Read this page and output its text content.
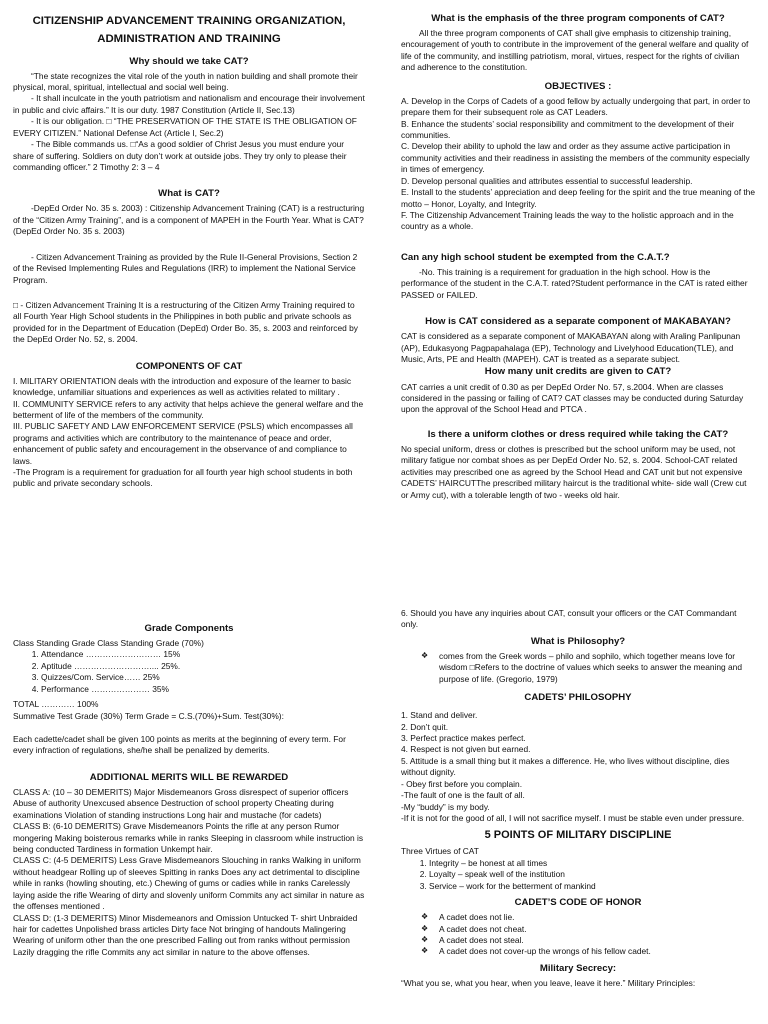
CITIZENSHIP ADVANCEMENT TRAINING ORGANIZATION,
ADMINISTRATION AND TRAINING
Why should we take CAT?

“The state recognizes the vital role of the youth in nation building and shall promote their physical, moral, spiritual, intellectual and social well being.

- It shall inculcate in the youth patriotism and nationalism and encourage their involvement in public and civic affairs.” It is our duty. 1987 Constitution (Article II, Sec.13)

- It is our obligation. □ “THE PRESERVATION OF THE STATE IS THE OBLIGATION OF EVERY CITIZEN.” National Defense Act (Article I, Sec.2)

- The Bible commands us. □“As a good soldier of Christ Jesus you must endure your share of suffering. Soldiers on duty don’t work at outside jobs. They try only to please their commanding officer.” 2 Timothy 2: 3 – 4

What is CAT?

-DepEd Order No. 35 s. 2003) : Citizenship Advancement Training (CAT) is a restructuring of the “Citizen Army Training”, and is a component of MAPEH in the Fourth Year. What is CAT? (DepEd Order No. 35 s. 2003)

- Citizen Advancement Training as provided by the Rule II-General Provisions, Section 2 of the Revised Implementing Rules and Regulations (IRR) to implement the National Service Program.

□ - Citizen Advancement Training It is a restructuring of the Citizen Army Training required to all Fourth Year High School students in the Philippines in both public and private schools as provided for in the Department of Education (DepEd) Order Bo. 35, s. 2003 and reinforced by the DepEd Order No. 52, s. 2004.

COMPONENTS OF CAT

I. MILITARY ORIENTATION deals with the introduction and exposure of the learner to basic knowledge, unfamiliar situations and experiences as well as activities related to military .

II. COMMUNITY SERVICE refers to any activity that helps achieve the general welfare and the betterment of life of the members of the community.

III. PUBLIC SAFETY AND LAW ENFORCEMENT SERVICE (PSLS) which encompasses all programs and activities which are contributory to the maintenance of peace and order, enhancement of public safety and encouragement in the observance of and compliance to laws.

-The Program is a requirement for graduation for all fourth year high school students in both public and private secondary schools.

What is the emphasis of the three program components of CAT?

All the three program components of CAT shall give emphasis to citizenship training, encouragement of youth to contribute in the improvement of the general welfare and quality of life of the community, and instilling patriotism, moral, virtues, respect for the rights of civilian and adherence to the constitution.

OBJECTIVES :

A. Develop in the Corps of Cadets of a good fellow by actually undergoing that part, in order to prepare them for their subsequent role as CAT Leaders.

B. Enhance the students’ social responsibility and commitment to the development of their communities.

C. Develop their ability to uphold the law and order as they assume active participation in community activities and their readiness in assisting the members of the community especially in times of emergency.

D. Develop personal qualities and attributes essential to successful leadership.

E. Install to the students’ appreciation and deep feeling for the spirit and the true meaning of the motto – Honor, Loyalty, and Integrity.

F. The Citizenship Advancement Training leads the way to the holistic approach and in the country as a whole.

Can any high school student be exempted from the C.A.T.?

-No. This training is a requirement for graduation in the high school. How is the performance of the student in the C.A.T. rated?Student performance in the CAT is rated either PASSED or FAILED.

How is CAT considered as a separate component of MAKABAYAN?

CAT is considered as a separate component of MAKABAYAN along with Araling Panlipunan (AP), Edukasyong Pagpapahalaga (EP), Technology and Livelyhood Education(TLE), and Music, Arts, PE and Health (MAPEH). CAT is treated as a separate subject.

How many unit credits are given to CAT?

CAT carries a unit credit of 0.30 as per DepEd Order No. 57, s.2004. When are classes considered in the passing or failing of CAT? CAT classes may be conducted during Saturday upon the approval of the School Head and PTCA .

Is there a uniform clothes or dress required while taking the CAT?

No special uniform, dress or clothes is prescribed but the school uniform may be used, not military fatigue nor combat shoes as per DepEd Order No. 52, s. 2004. School-CAT related activities may prescribed one as agreed by the School Head and CAT unit but not expensive

CADETS’ HAIRCUTThe prescribed military haircut is the traditional white- side wall (Crew cut or Army cut), with a tolerable length of two - weeks old hair.

Grade Components

Class Standing Grade Class Standing Grade (70%)

1. Attendance ……………………… 15%
2. Aptitude ……………………….... 25%.
3. Quizzes/Com. Service…… 25%
4. Performance ………………… 35%

TOTAL ………… 100%

Summative Test Grade (30%) Term Grade = C.S.(70%)+Sum. Test(30%):

Each cadette/cadet shall be given 100 points as merits at the beginning of every term. For every infraction of regulations, she/he shall be penalized by demerits.

ADDITIONAL MERITS WILL BE REWARDED

CLASS A: (10 – 30 DEMERITS) Major Misdemeanors Gross disrespect of superior officers Abuse of authority Unexcused absence Destruction of school property Cheating during examinations Violation of standing instructions Long hair and mustache (for cadets)

CLASS B: (6-10 DEMERITS) Grave Misdemeanors Points the rifle at any person Rumor mongering Making boisterous remarks while in ranks Sleeping in classroom while instruction is being conducted Tardiness in formation Unkempt hair.

CLASS C: (4-5 DEMERITS) Less Grave Misdemeanors Slouching in ranks Walking in uniform without headgear Rolling up of sleeves Spitting in ranks Does any act detrimental to discipline while in ranks (howling shouting, etc.) Chewing of gums or cadies while in ranks Carelessly laying aside the rifle Wearing of dirty and slovenly uniform Commits any act similar in nature as the offenses mentioned .

CLASS D: (1-3 DEMERITS) Minor Misdemeanors and Omission Untucked T- shirt Unbraided hair for cadettes Unpolished brass articles Dirty face Not bringing of handouts Malingering Wearing of uniform other than the one prescribed Falling out from ranks without permission Lazily dragging the rifle Commits any act similar in nature to the above offenses.

6. Should you have any inquiries about CAT, consult your officers or the CAT Commandant only.

What is Philosophy?
❖ comes from the Greek words – philo and sophilo, which together means love for wisdom □Refers to the doctrine of values which seeks to answer the meaning and purpose of life. (Gregorio, 1979)
CADETS’ PHILOSOPHY

1. Stand and deliver.

2. Don’t quit.

3. Perfect practice makes perfect.

4. Respect is not given but earned.

5. Attitude is a small thing but it makes a difference. He, who lives without discipline, dies without dignity.

- Obey first before you complain.

-The fault of one is the fault of all.

-My “buddy” is my body.

-If it is not for the good of all, I will not sacrifice myself. I must be stable even under pressure.

5 POINTS OF MILITARY DISCIPLINE

Three Virtues of CAT

1. Integrity – be honest at all times
2. Loyalty – speak well of the institution
3. Service – work for the betterment of mankind
CADET’S CODE OF HONOR
❖ A cadet does not lie.
❖ A cadet does not cheat.
❖ A cadet does not steal.
❖ A cadet does not cover-up the wrongs of his fellow cadet.
Military Secrecy:

“What you se, what you hear, when you leave, leave it here.” Military Principles:
